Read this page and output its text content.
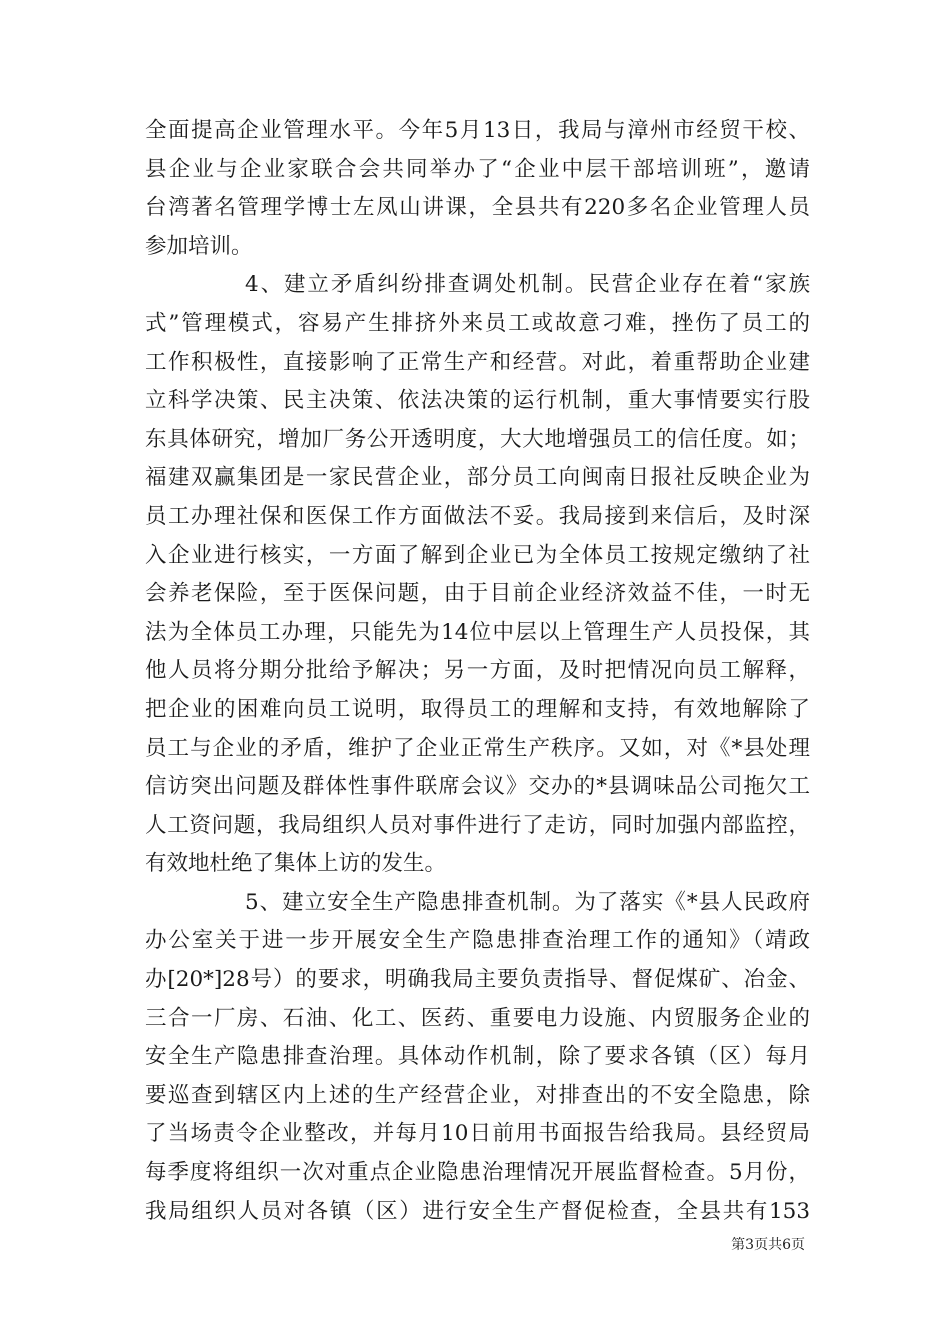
全面提高企业管理水平。今年5月13日，我局与漳州市经贸干校、
县企业与企业家联合会共同举办了“企业中层干部培训班”，邀请
台湾著名管理学博士左凤山讲课，全县共有220多名企业管理人员
参加培训。
4、建立矛盾纠纷排查调处机制。民营企业存在着“家族
式”管理模式，容易产生排挤外来员工或故意刁难，挫伤了员工的
工作积极性，直接影响了正常生产和经营。对此，着重帮助企业建
立科学决策、民主决策、依法决策的运行机制，重大事情要实行股
东具体研究，增加厂务公开透明度，大大地增强员工的信任度。如；
福建双赢集团是一家民营企业，部分员工向闽南日报社反映企业为
员工办理社保和医保工作方面做法不妥。我局接到来信后，及时深
入企业进行核实，一方面了解到企业已为全体员工按规定缴纳了社
会养老保险，至于医保问题，由于目前企业经济效益不佳，一时无
法为全体员工办理，只能先为14位中层以上管理生产人员投保，其
他人员将分期分批给予解决；另一方面，及时把情况向员工解释，
把企业的困难向员工说明，取得员工的理解和支持，有效地解除了
员工与企业的矛盾，维护了企业正常生产秩序。又如，对《*县处理
信访突出问题及群体性事件联席会议》交办的*县调味品公司拖欠工
人工资问题，我局组织人员对事件进行了走访，同时加强内部监控，
有效地杜绝了集体上访的发生。
5、建立安全生产隐患排查机制。为了落实《*县人民政府
办公室关于进一步开展安全生产隐患排查治理工作的通知》（靖政
办[20*]28号）的要求，明确我局主要负责指导、督促煤矿、冶金、
三合一厂房、石油、化工、医药、重要电力设施、内贸服务企业的
安全生产隐患排查治理。具体动作机制，除了要求各镇（区）每月
要巡查到辖区内上述的生产经营企业，对排查出的不安全隐患，除
了当场责令企业整改，并每月10日前用书面报告给我局。县经贸局
每季度将组织一次对重点企业隐患治理情况开展监督检查。5月份，
我局组织人员对各镇（区）进行安全生产督促检查，全县共有153
第3页共6页
